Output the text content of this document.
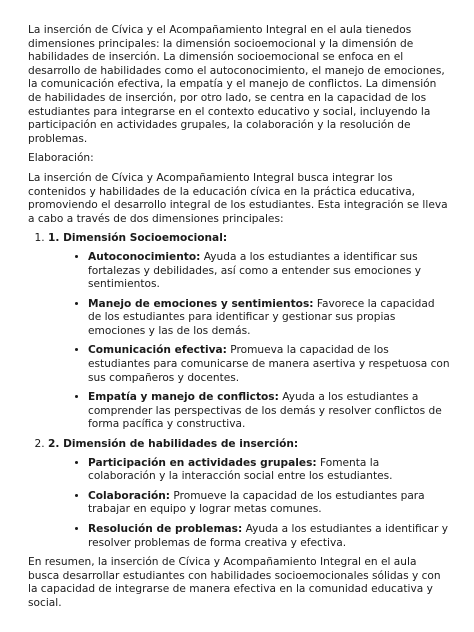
La inserción de Cívica y el Acompañamiento Integral en el aula tienedos dimensiones principales: la dimensión socioemocional y la dimensión de habilidades de inserción. La dimensión socioemocional se enfoca en el desarrollo de habilidades como el autoconocimiento, el manejo de emociones, la comunicación efectiva, la empatía y el manejo de conflictos. La dimensión de habilidades de inserción, por otro lado, se centra en la capacidad de los estudiantes para integrarse en el contexto educativo y social, incluyendo la participación en actividades grupales, la colaboración y la resolución de problemas.

Elaboración:

La inserción de Cívica y Acompañamiento Integral busca integrar los contenidos y habilidades de la educación cívica en la práctica educativa, promoviendo el desarrollo integral de los estudiantes. Esta integración se lleva a cabo a través de dos dimensiones principales:

1. 1. Dimensión Socioemocional:
• Autoconocimiento: Ayuda a los estudiantes a identificar sus fortalezas y debilidades, así como a entender sus emociones y sentimientos.
• Manejo de emociones y sentimientos: Favorece la capacidad de los estudiantes para identificar y gestionar sus propias emociones y las de los demás.
• Comunicación efectiva: Promueva la capacidad de los estudiantes para comunicarse de manera asertiva y respetuosa con sus compañeros y docentes.
• Empatía y manejo de conflictos: Ayuda a los estudiantes a comprender las perspectivas de los demás y resolver conflictos de forma pacífica y constructiva.
2. 2. Dimensión de habilidades de inserción:
• Participación en actividades grupales: Fomenta la colaboración y la interacción social entre los estudiantes.
• Colaboración: Promueve la capacidad de los estudiantes para trabajar en equipo y lograr metas comunes.
• Resolución de problemas: Ayuda a los estudiantes a identificar y resolver problemas de forma creativa y efectiva.

En resumen, la inserción de Cívica y Acompañamiento Integral en el aula busca desarrollar estudiantes con habilidades socioemocionales sólidas y con la capacidad de integrarse de manera efectiva en la comunidad educativa y social.
